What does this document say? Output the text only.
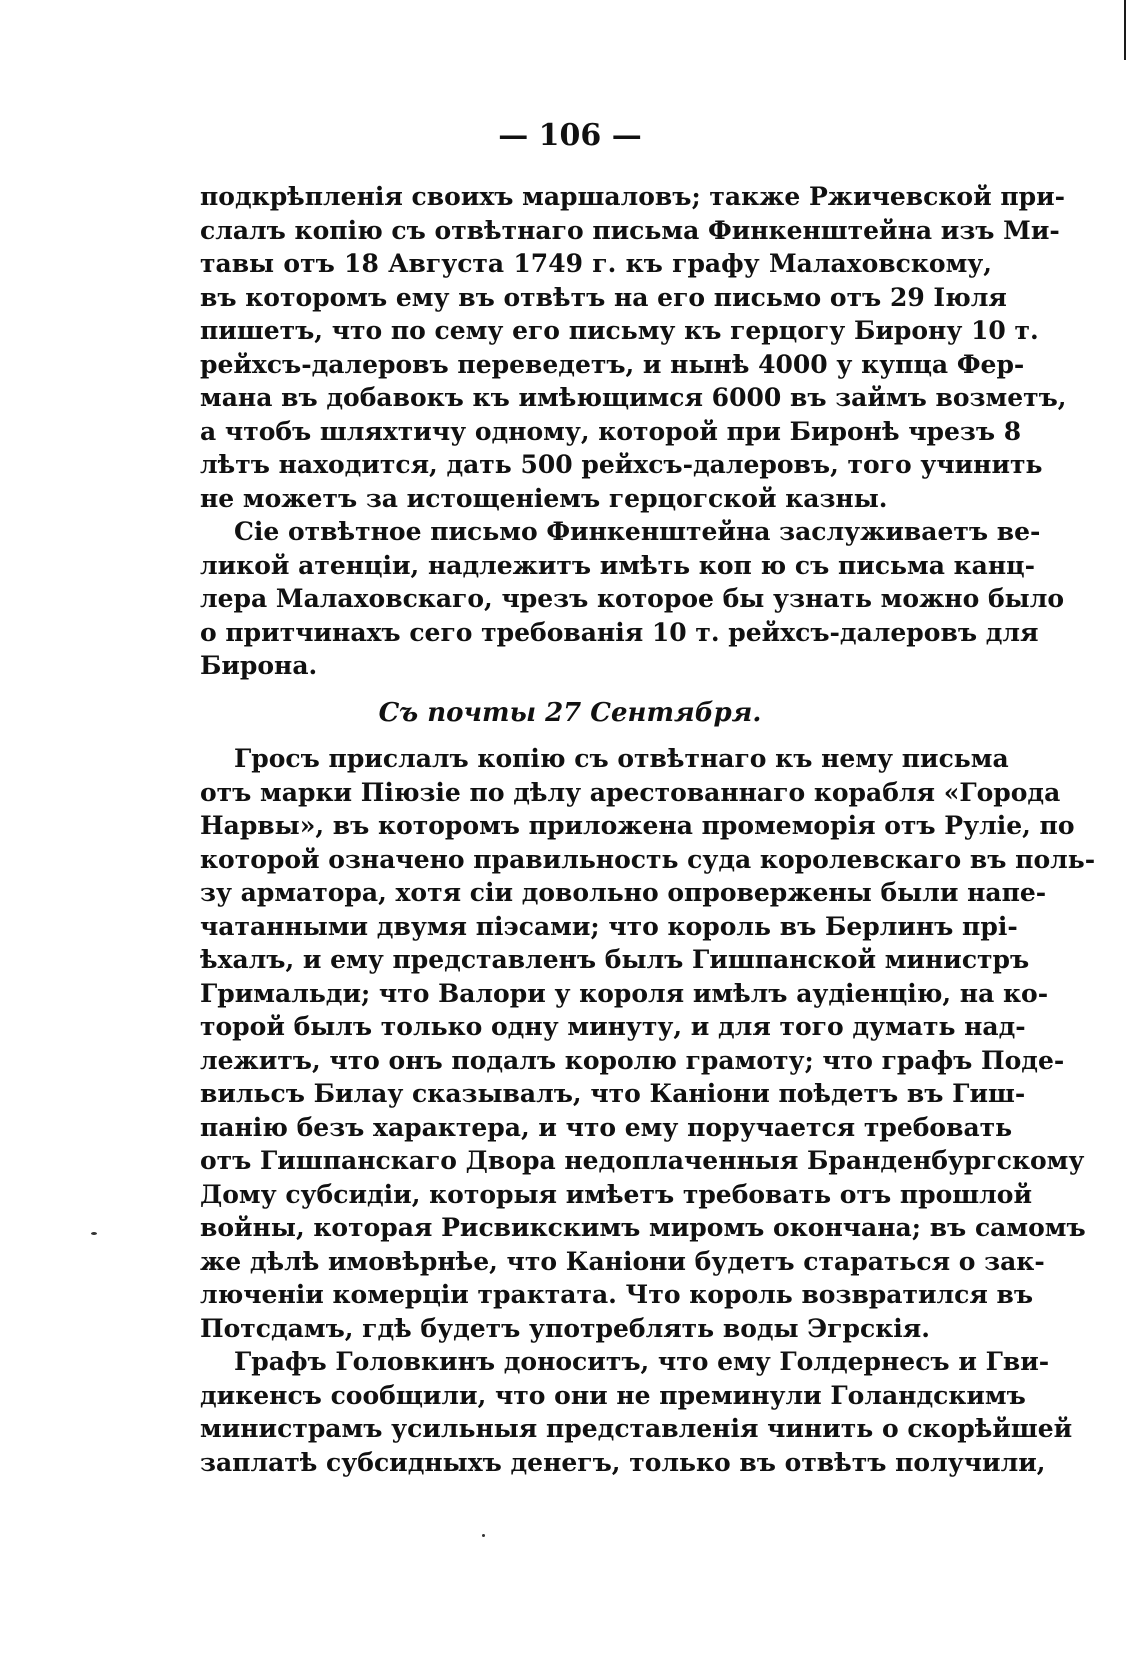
— 106 —
подкрѣпленія своихъ маршаловъ; также Ржичевской при-
слалъ копію съ отвѣтнаго письма Финкенштейна изъ Ми-
тавы отъ 18 Августа 1749 г. къ графу Малаховскому,
въ которомъ ему въ отвѣтъ на его письмо отъ 29 Іюля
пишетъ, что по сему его письму къ герцогу Бирону 10 т.
рейхсъ-далеровъ переведетъ, и нынѣ 4000 у купца Фер-
мана въ добавокъ къ имѣющимся 6000 въ займъ возметъ,
а чтобъ шляхтичу одному, которой при Биронѣ чрезъ 8
лѣтъ находится, дать 500 рейхсъ-далеровъ, того учинить
не можетъ за истощеніемъ герцогской казны.
Сіе отвѣтное письмо Финкенштейна заслуживаетъ ве-
ликой атенціи, надлежитъ имѣть коп ю съ письма канц-
лера Малаховскаго, чрезъ которое бы узнать можно было
о притчинахъ сего требованія 10 т. рейхсъ-далеровъ для
Бирона.
Съ почты 27 Сентября.
Гросъ прислалъ копію съ отвѣтнаго къ нему письма
отъ марки Піюзіе по дѣлу арестованнаго корабля «Города
Нарвы», въ которомъ приложена промеморія отъ Руліе, по
которой означено правильность суда королевскаго въ поль-
зу арматора, хотя сіи довольно опровержены были напе-
чатанными двумя піэсами; что король въ Берлинъ прі-
ѣхалъ, и ему представленъ былъ Гишпанской министръ
Гримальди; что Валори у короля имѣлъ аудіенцію, на ко-
торой былъ только одну минуту, и для того думать над-
лежитъ, что онъ подалъ королю грамоту; что графъ Поде-
вильсъ Билау сказывалъ, что Каніони поѣдетъ въ Гиш-
панію безъ характера, и что ему поручается требовать
отъ Гишпанскаго Двора недоплаченныя Бранденбургскому
Дому субсидіи, которыя имѣетъ требовать отъ прошлой
войны, которая Рисвикскимъ миромъ окончана; въ самомъ
же дѣлѣ имовѣрнѣе, что Каніони будетъ стараться о зак-
люченіи комерціи трактата. Что король возвратился въ
Потсдамъ, гдѣ будетъ употреблять воды Эгрскія.
Графъ Головкинъ доноситъ, что ему Голдернесъ и Гви-
дикенсъ сообщили, что они не преминули Голандскимъ
министрамъ усильныя представленія чинить о скорѣйшей
заплатѣ субсидныхъ денегъ, только въ отвѣтъ получили,
